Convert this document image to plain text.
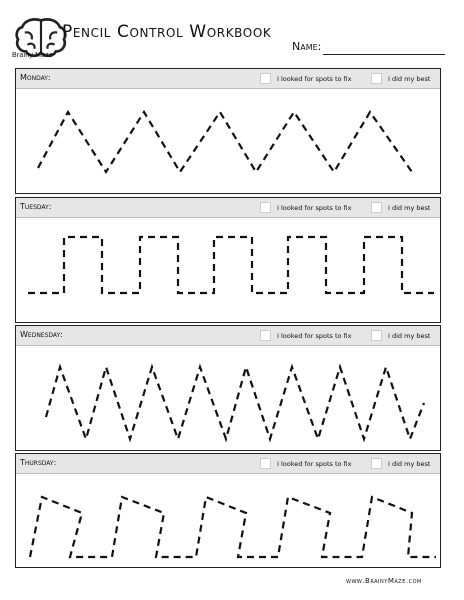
Brainy Maze
Pencil Control Workbook
Name:
Monday:	I looked for spots to fix	I did my best
Tuesday:	I looked for spots to fix	I did my best
Wednesday:	I looked for spots to fix	I did my best
Thursday:	I looked for spots to fix	I did my best
www.BrainyMaze.com
